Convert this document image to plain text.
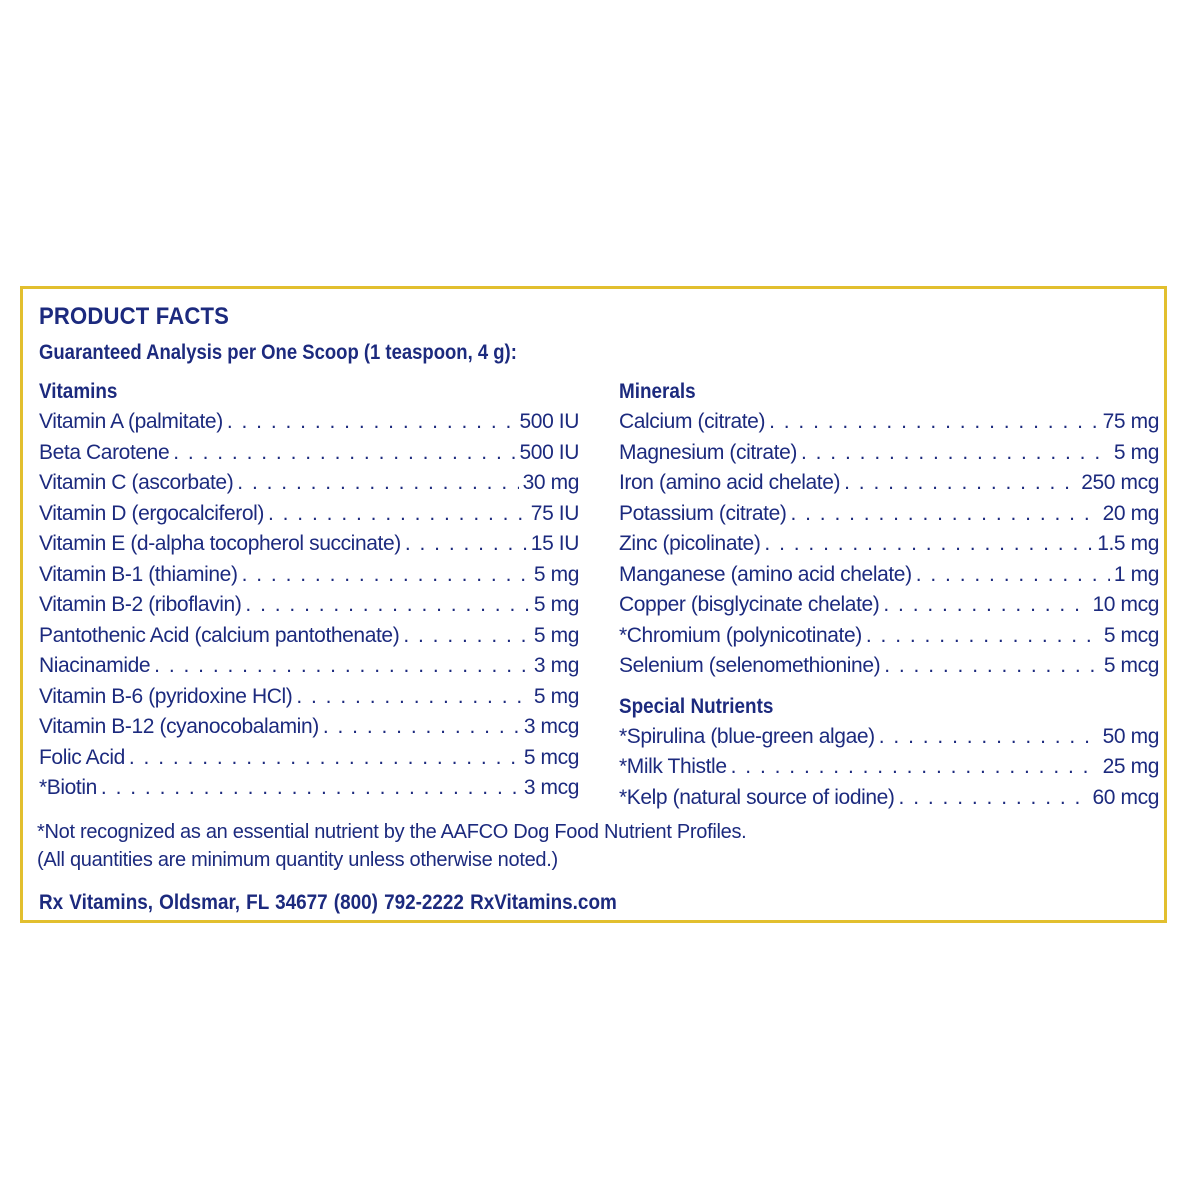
PRODUCT FACTS
Guaranteed Analysis per One Scoop (1 teaspoon, 4 g):
Vitamins
Vitamin A (palmitate) . . .	500 IU
Beta Carotene . . .	500 IU
Vitamin C (ascorbate) . . .	30 mg
Vitamin D (ergocalciferol) . . .	75 IU
Vitamin E (d-alpha tocopherol succinate) . . .	15 IU
Vitamin B-1 (thiamine) . . .	5 mg
Vitamin B-2 (riboflavin) . . .	5 mg
Pantothenic Acid (calcium pantothenate) . . .	5 mg
Niacinamide . . .	3 mg
Vitamin B-6 (pyridoxine HCl) . . .	5 mg
Vitamin B-12 (cyanocobalamin) . . .	3 mcg
Folic Acid . . .	5 mcg
*Biotin . . .	3 mcg
Minerals
Calcium (citrate) . . .	75 mg
Magnesium (citrate) . . .	5 mg
Iron (amino acid chelate) . . .	250 mcg
Potassium (citrate) . . .	20 mg
Zinc (picolinate) . . .	1.5 mg
Manganese (amino acid chelate) . . .	1 mg
Copper (bisglycinate chelate) . . .	10 mcg
*Chromium (polynicotinate) . . .	5 mcg
Selenium (selenomethionine) . . .	5 mcg
Special Nutrients
*Spirulina (blue-green algae) . . .	50 mg
*Milk Thistle . . .	25 mg
*Kelp (natural source of iodine) . . .	60 mcg
*Not recognized as an essential nutrient by the AAFCO Dog Food Nutrient Profiles.
(All quantities are minimum quantity unless otherwise noted.)
Rx Vitamins, Oldsmar, FL 34677 (800) 792-2222 RxVitamins.com
